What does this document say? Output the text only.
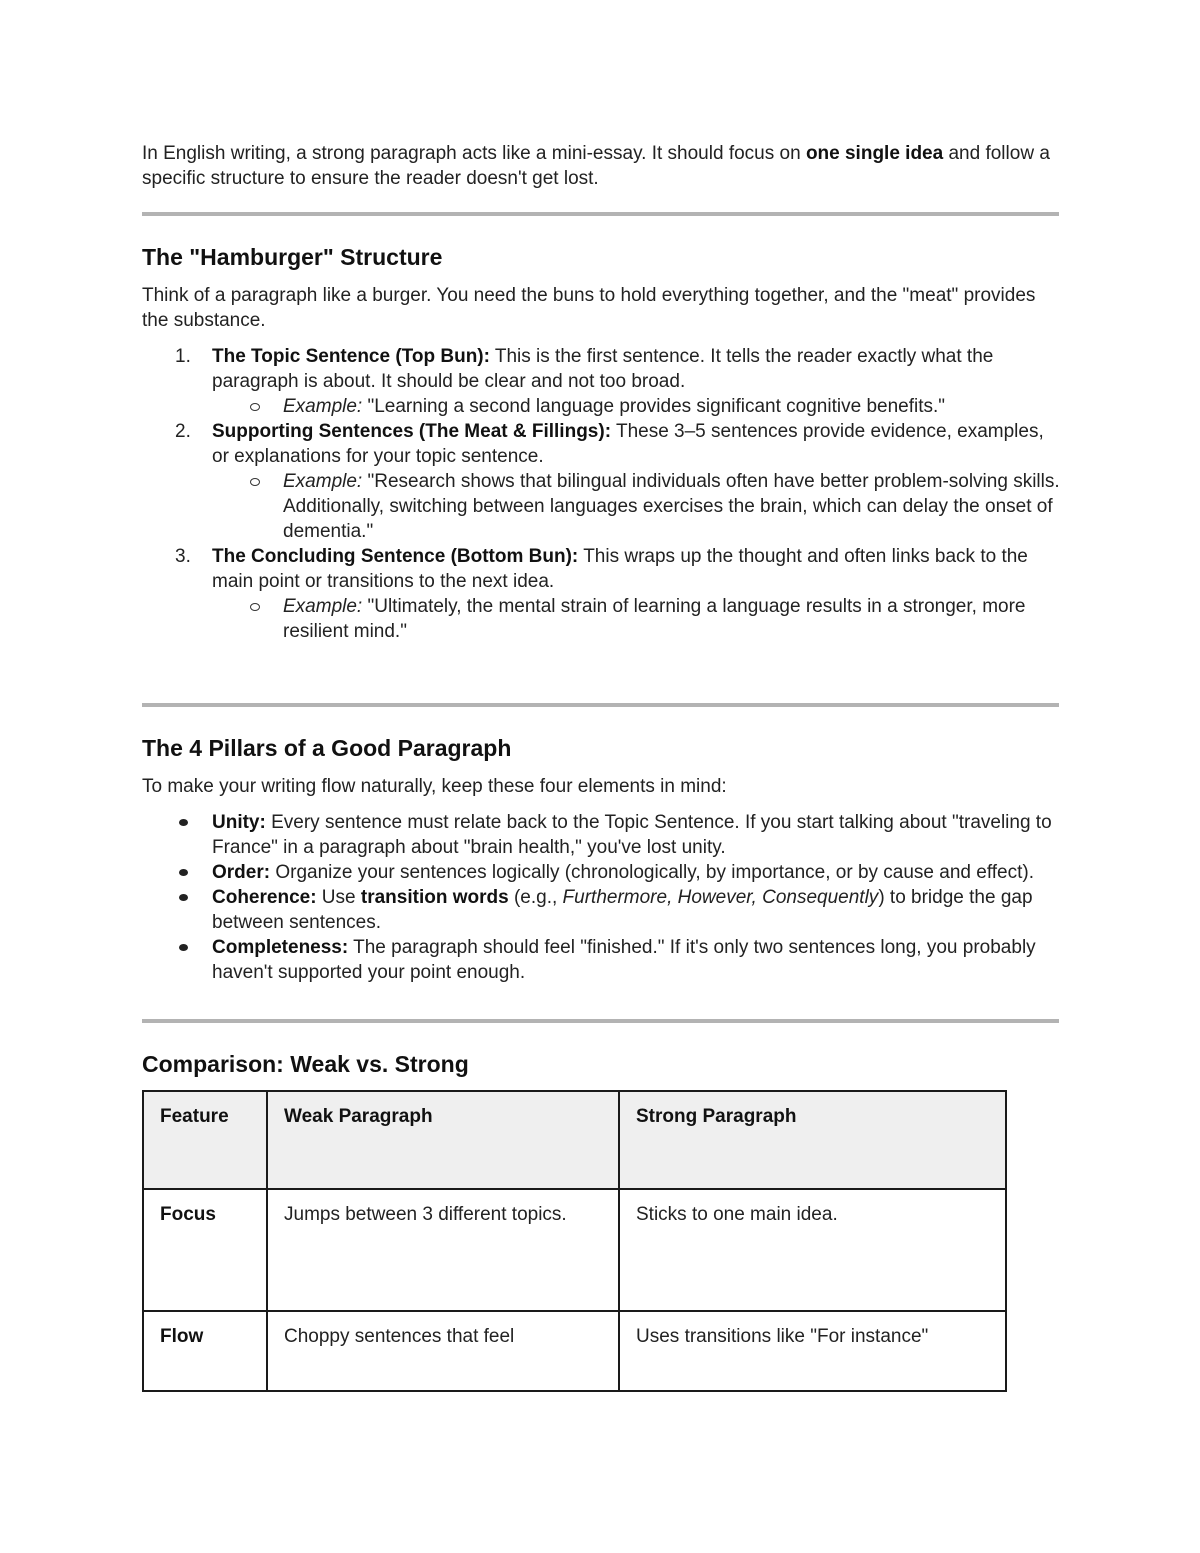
In English writing, a strong paragraph acts like a mini-essay. It should focus on one single idea and follow a specific structure to ensure the reader doesn't get lost.

The "Hamburger" Structure

Think of a paragraph like a burger. You need the buns to hold everything together, and the "meat" provides the substance.

1. The Topic Sentence (Top Bun): This is the first sentence. It tells the reader exactly what the paragraph is about. It should be clear and not too broad.
Example: "Learning a second language provides significant cognitive benefits."
2. Supporting Sentences (The Meat & Fillings): These 3–5 sentences provide evidence, examples, or explanations for your topic sentence.
Example: "Research shows that bilingual individuals often have better problem-solving skills. Additionally, switching between languages exercises the brain, which can delay the onset of dementia."
3. The Concluding Sentence (Bottom Bun): This wraps up the thought and often links back to the main point or transitions to the next idea.
Example: "Ultimately, the mental strain of learning a language results in a stronger, more resilient mind."
The 4 Pillars of a Good Paragraph

To make your writing flow naturally, keep these four elements in mind:

Unity: Every sentence must relate back to the Topic Sentence. If you start talking about "traveling to France" in a paragraph about "brain health," you've lost unity.
Order: Organize your sentences logically (chronologically, by importance, or by cause and effect).
Coherence: Use transition words (e.g., Furthermore, However, Consequently) to bridge the gap between sentences.
Completeness: The paragraph should feel "finished." If it's only two sentences long, you probably haven't supported your point enough.
Comparison: Weak vs. Strong
Feature	Weak Paragraph	Strong Paragraph
Focus	Jumps between 3 different topics.	Sticks to one main idea.
Flow	Choppy sentences that feel	Uses transitions like "For instance"
